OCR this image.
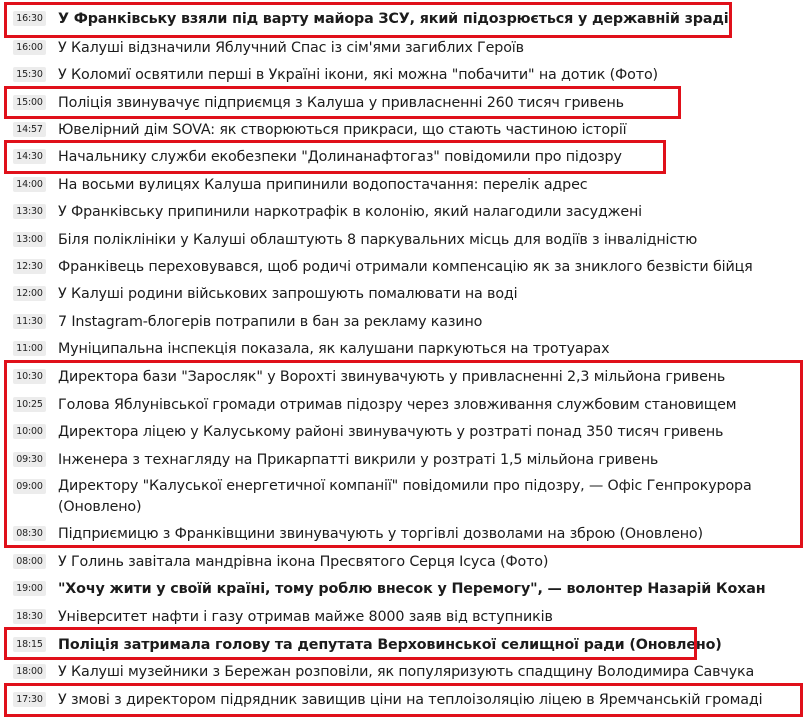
16:30 У Франківську взяли під варту майора ЗСУ, який підозрюється у державній зраді
16:00 У Калуші відзначили Яблучний Спас із сім'ями загиблих Героїв
15:30 У Коломиї освятили перші в Україні ікони, які можна "побачити" на дотик (Фото)
15:00 Поліція звинувачує підприємця з Калуша у привласненні 260 тисяч гривень
14:57 Ювелірний дім SOVA: як створюються прикраси, що стають частиною історії
14:30 Начальнику служби екобезпеки "Долинанафтогаз" повідомили про підозру
14:00 На восьми вулицях Калуша припинили водопостачання: перелік адрес
13:30 У Франківську припинили наркотрафік в колонію, який налагодили засуджені
13:00 Біля поліклініки у Калуші облаштують 8 паркувальних місць для водіїв з інвалідністю
12:30 Франківець переховувався, щоб родичі отримали компенсацію як за зниклого безвісти бійця
12:00 У Калуші родини військових запрошують помалювати на воді
11:30 7 Instagram-блогерів потрапили в бан за рекламу казино
11:00 Муніципальна інспекція показала, як калушани паркуються на тротуарах
10:30 Директора бази "Заросляк" у Ворохті звинувачують у привласненні 2,3 мільйона гривень
10:25 Голова Яблунівської громади отримав підозру через зловживання службовим становищем
10:00 Директора ліцею у Калуському районі звинувачують у розтраті понад 350 тисяч гривень
09:30 Інженера з технагляду на Прикарпатті викрили у розтраті 1,5 мільйона гривень
09:00 Директору "Калуської енергетичної компанії" повідомили про підозру, — Офіс Генпрокурора (Оновлено)
08:30 Підприємицю з Франківщини звинувачують у торгівлі дозволами на зброю (Оновлено)
08:00 У Голинь завітала мандрівна ікона Пресвятого Серця Ісуса (Фото)
19:00 "Хочу жити у своїй країні, тому роблю внесок у Перемогу", — волонтер Назарій Кохан
18:30 Університет нафти і газу отримав майже 8000 заяв від вступників
18:15 Поліція затримала голову та депутата Верховинської селищної ради (Оновлено)
18:00 У Калуші музейники з Бережан розповіли, як популяризують спадщину Володимира Савчука
17:30 У змові з директором підрядник завищив ціни на теплоізоляцію ліцею в Яремчанській громаді
